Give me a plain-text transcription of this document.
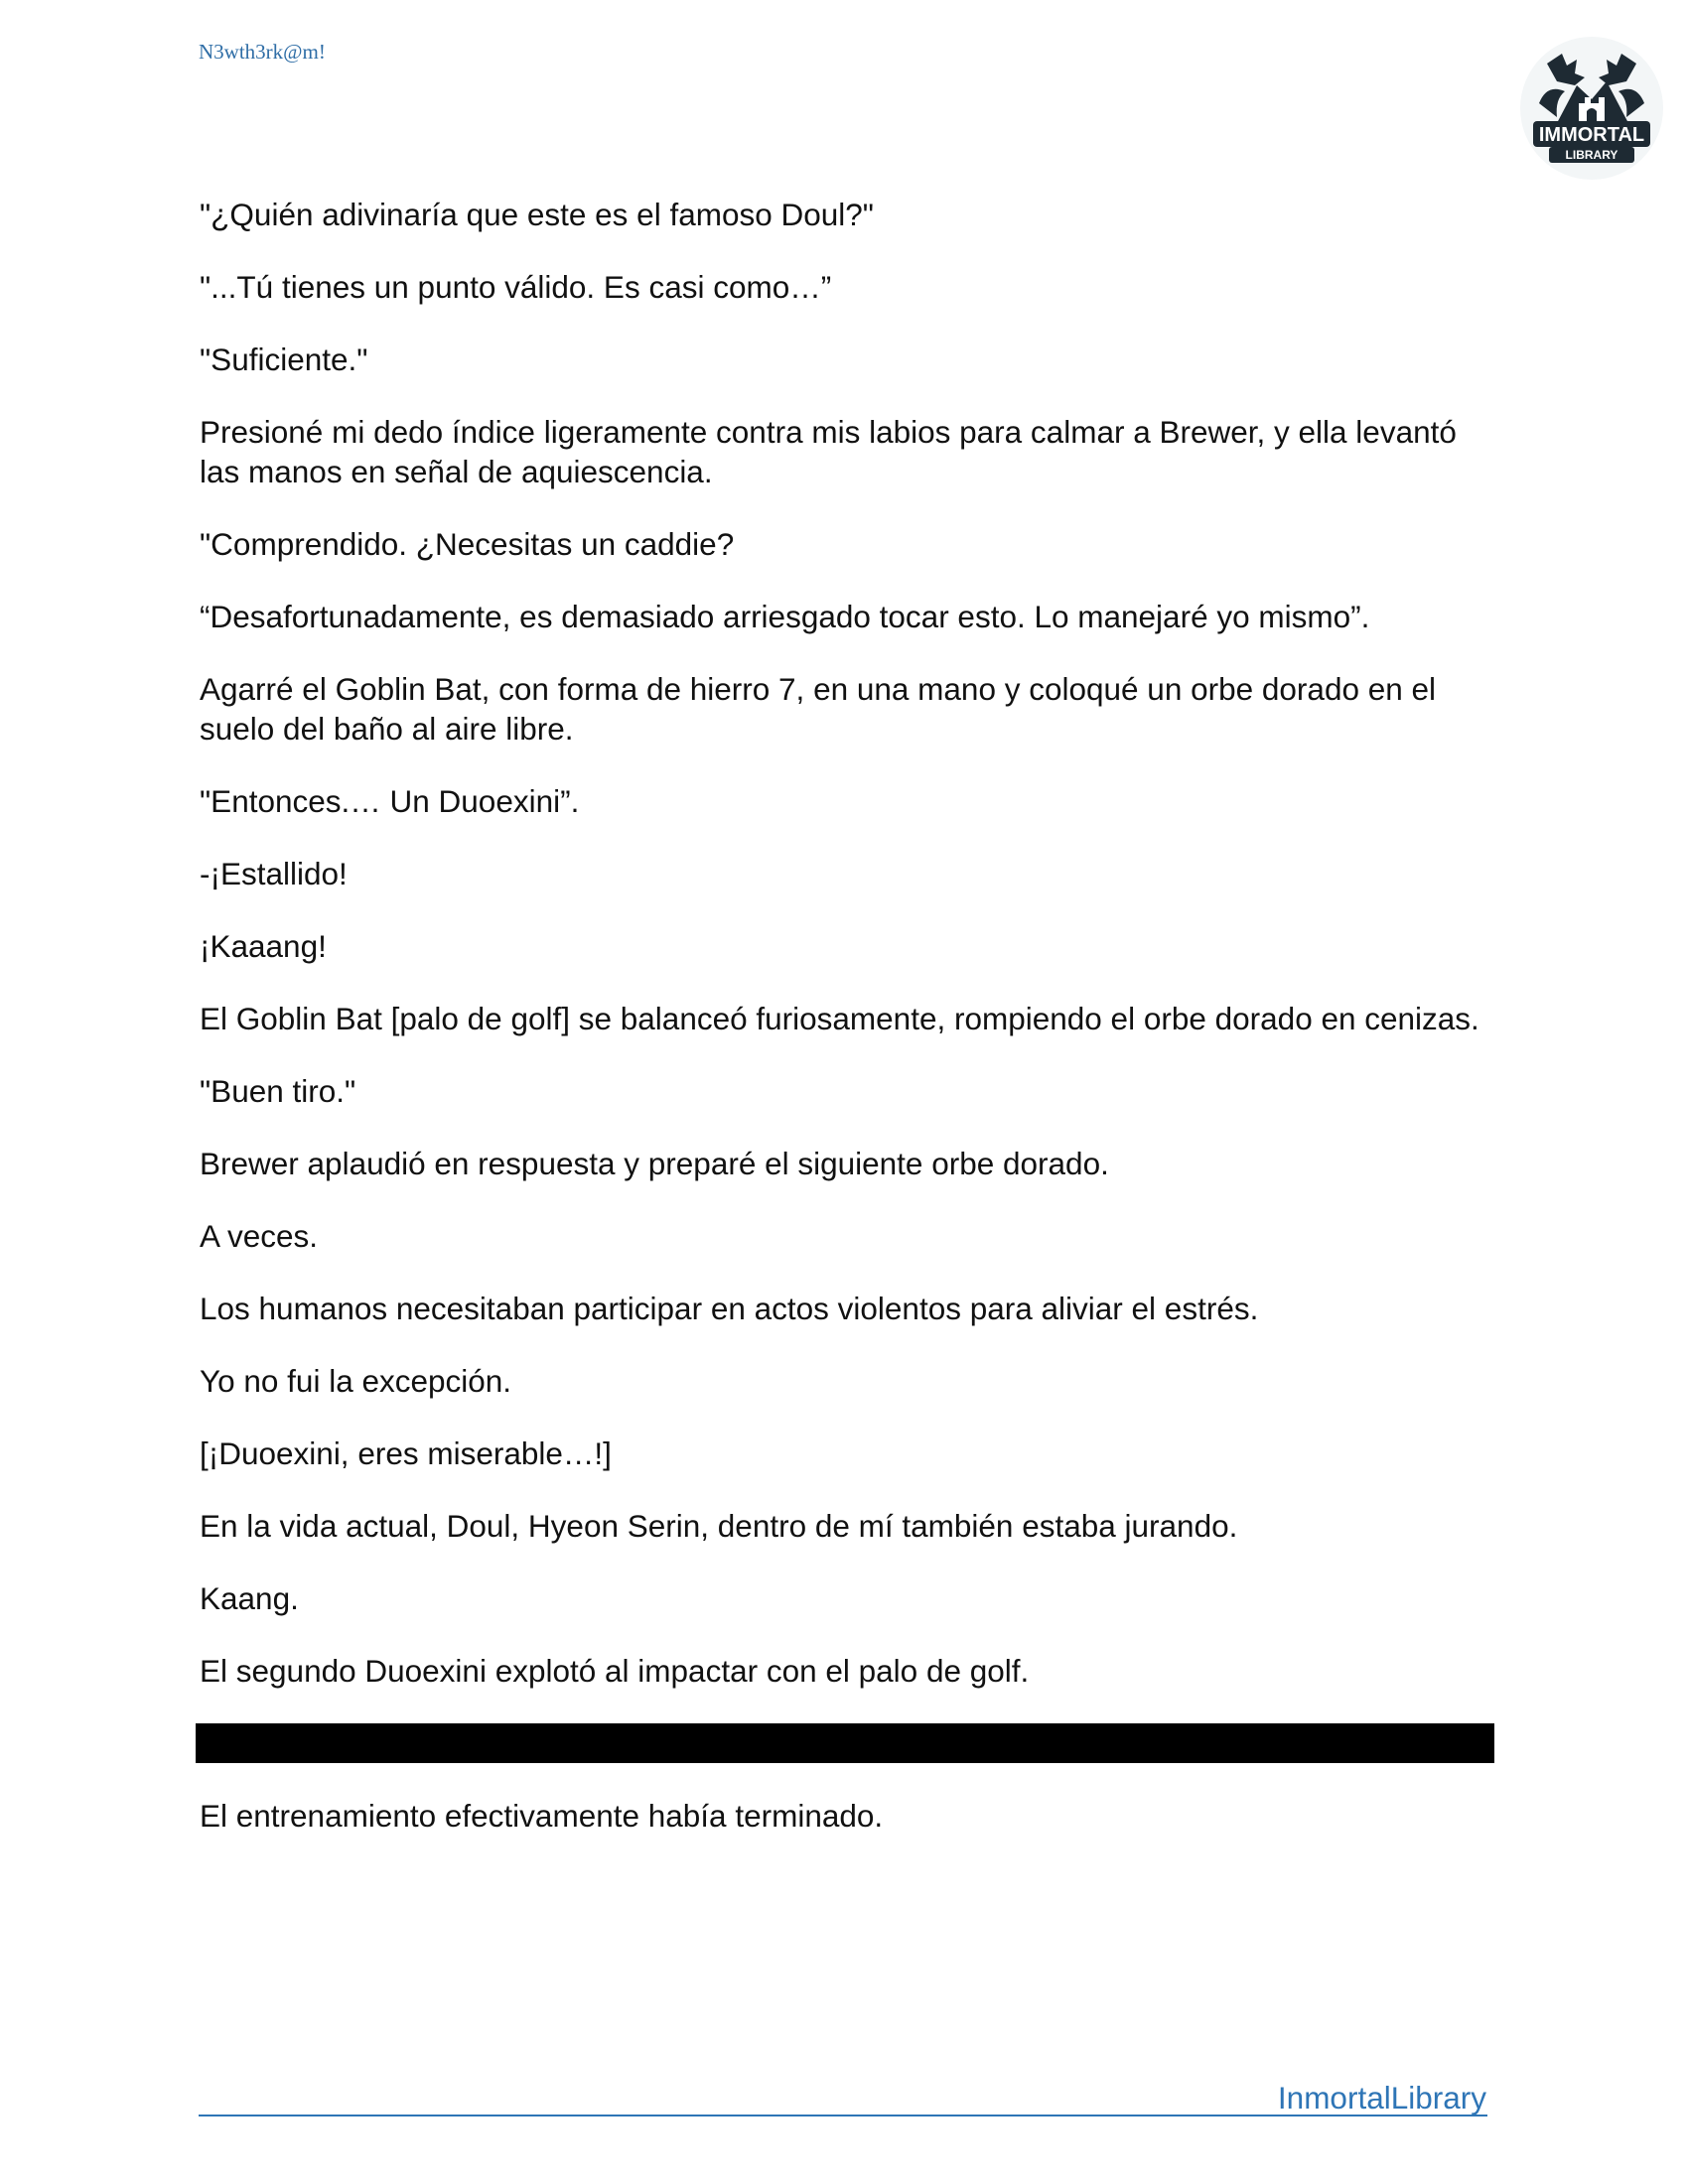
N3wth3rk@m!
IMMORTAL
LIBRARY

"¿Quién adivinaría que este es el famoso Doul?"

"...Tú tienes un punto válido. Es casi como…”

"Suficiente."

Presioné mi dedo índice ligeramente contra mis labios para calmar a Brewer, y ella levantó las manos en señal de aquiescencia.

"Comprendido. ¿Necesitas un caddie?

“Desafortunadamente, es demasiado arriesgado tocar esto. Lo manejaré yo mismo”.

Agarré el Goblin Bat, con forma de hierro 7, en una mano y coloqué un orbe dorado en el suelo del baño al aire libre.

"Entonces.… Un Duoexini”.

-¡Estallido!

¡Kaaang!

El Goblin Bat [palo de golf] se balanceó furiosamente, rompiendo el orbe dorado en cenizas.

"Buen tiro."

Brewer aplaudió en respuesta y preparé el siguiente orbe dorado.

A veces.

Los humanos necesitaban participar en actos violentos para aliviar el estrés.

Yo no fui la excepción.

[¡Duoexini, eres miserable…!]

En la vida actual, Doul, Hyeon Serin, dentro de mí también estaba jurando.

Kaang.

El segundo Duoexini explotó al impactar con el palo de golf.

El entrenamiento efectivamente había terminado.

InmortalLibrary
